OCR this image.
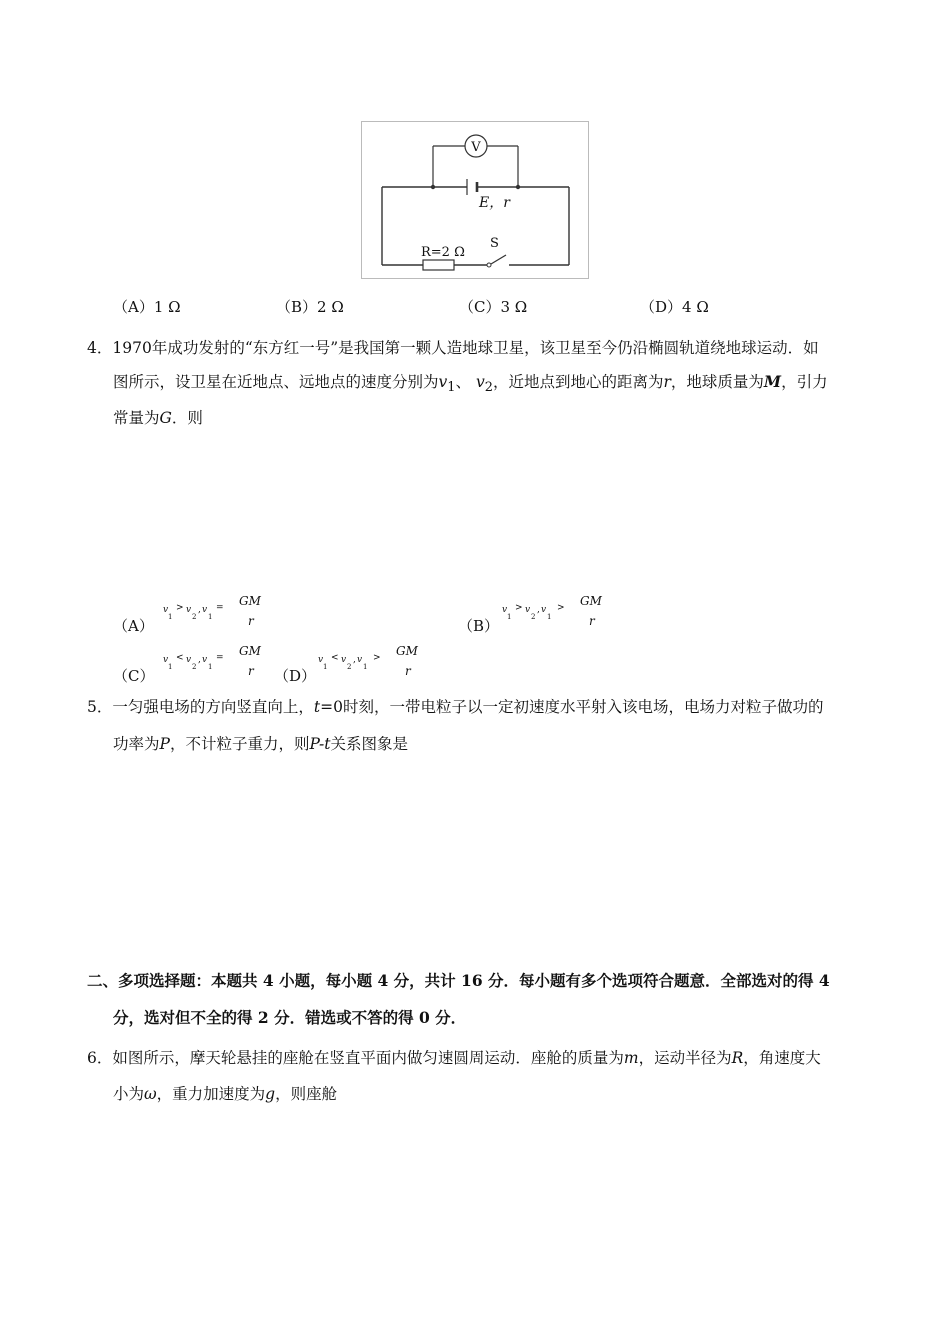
V
E，r
R=2 Ω
S
（A）1 Ω	（B）2 Ω	（C）3 Ω	（D）4 Ω
4．1970年成功发射的“东方红一号”是我国第一颗人造地球卫星，该卫星至今仍沿椭圆轨道绕地球运动．如
图所示，设卫星在近地点、远地点的速度分别为$v_1$、 $v_2$，近地点到地心的距离为r，地球质量为M，引力
常量为G．则
（A）
v
1
> v
2
, v
1
= GM
r	（B）
v
1
> v
2
, v
1
> GM
r
（C）
v
1
< v
2
, v
1
= GM
r （D）
v
1
< v
2
, v
1
> GM
r
5．一匀强电场的方向竖直向上，t=0时刻，一带电粒子以一定初速度水平射入该电场，电场力对粒子做功的
功率为P，不计粒子重力，则P-t关系图象是
二、多项选择题：本题共 4 小题，每小题 4 分，共计 16 分．每小题有多个选项符合题意．全部选对的得 4
分，选对但不全的得 2 分．错选或不答的得 0 分．
6．如图所示，摩天轮悬挂的座舱在竖直平面内做匀速圆周运动．座舱的质量为m，运动半径为R，角速度大
小为ω，重力加速度为g，则座舱
